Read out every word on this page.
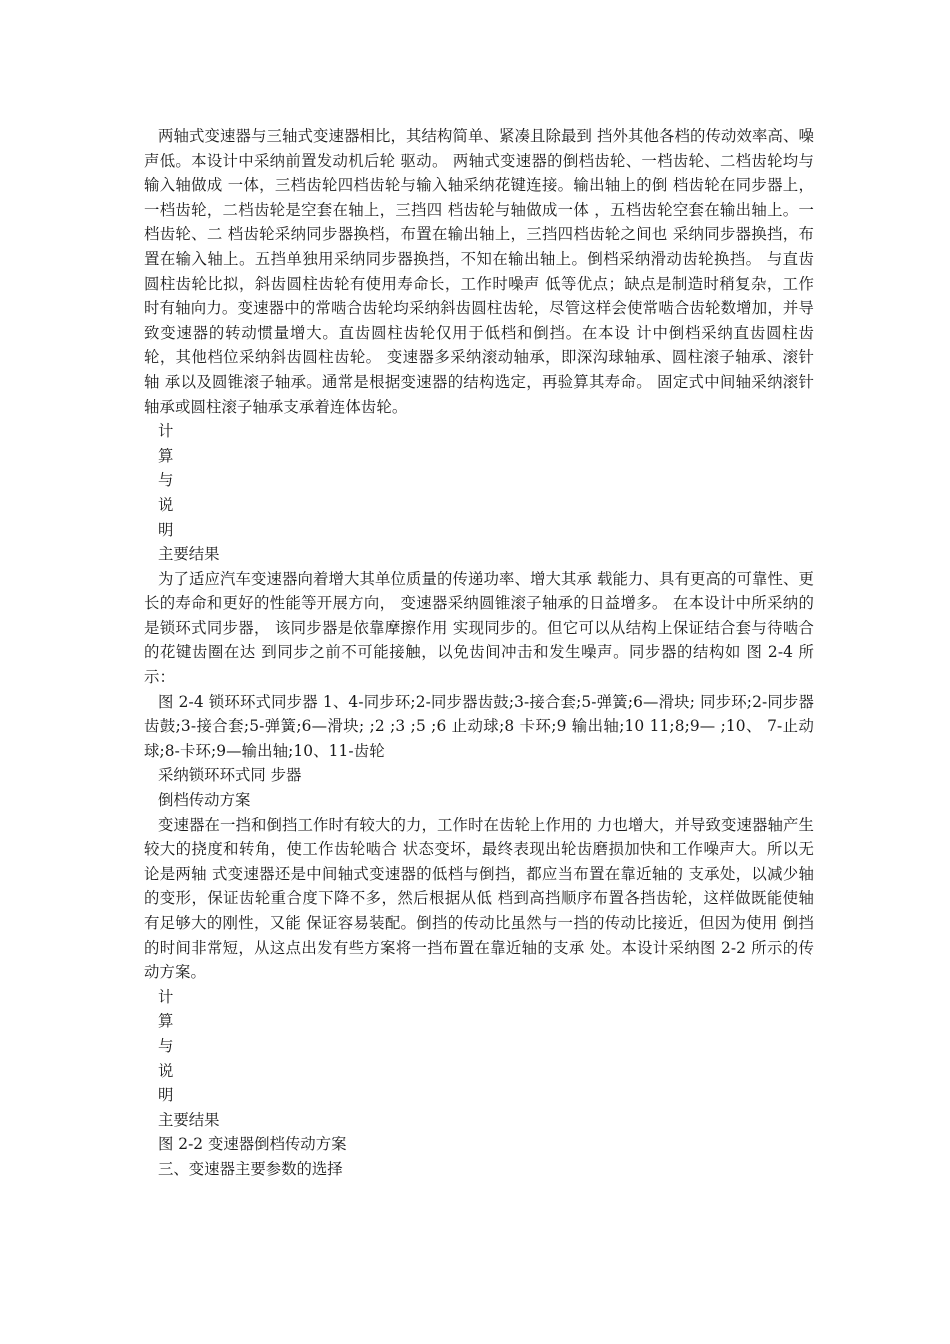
两轴式变速器与三轴式变速器相比，其结构简单、紧凑且除最到 挡外其他各档的传动效率高、噪声低。本设计中采纳前置发动机后轮 驱动。 两轴式变速器的倒档齿轮、一档齿轮、二档齿轮均与输入轴做成 一体，三档齿轮四档齿轮与输入轴采纳花键连接。输出轴上的倒 档齿轮在同步器上，一档齿轮，二档齿轮是空套在轴上，三挡四 档齿轮与轴做成一体 ，五档齿轮空套在输出轴上。一档齿轮、二 档齿轮采纳同步器换档，布置在输出轴上，三挡四档齿轮之间也 采纳同步器换挡，布置在输入轴上。五挡单独用采纳同步器换挡，不知在输出轴上。倒档采纳滑动齿轮换挡。 与直齿圆柱齿轮比拟，斜齿圆柱齿轮有使用寿命长，工作时噪声 低等优点；缺点是制造时稍复杂，工作时有轴向力。变速器中的常啮合齿轮均采纳斜齿圆柱齿轮，尽管这样会使常啮合齿轮数增加，并导 致变速器的转动惯量增大。直齿圆柱齿轮仅用于低档和倒挡。在本设 计中倒档采纳直齿圆柱齿轮，其他档位采纳斜齿圆柱齿轮。 变速器多采纳滚动轴承，即深沟球轴承、圆柱滚子轴承、滚针轴 承以及圆锥滚子轴承。通常是根据变速器的结构选定，再验算其寿命。 固定式中间轴采纳滚针轴承或圆柱滚子轴承支承着连体齿轮。

计

算

与

说

明

主要结果

为了适应汽车变速器向着增大其单位质量的传递功率、增大其承 载能力、具有更高的可靠性、更长的寿命和更好的性能等开展方向， 变速器采纳圆锥滚子轴承的日益增多。 在本设计中所采纳的是锁环式同步器， 该同步器是依靠摩擦作用 实现同步的。但它可以从结构上保证结合套与待啮合的花键齿圈在达 到同步之前不可能接触，以免齿间冲击和发生噪声。同步器的结构如 图 2-4 所示：

图 2-4 锁环环式同步器 1、4-同步环;2-同步器齿鼓;3-接合套;5-弹簧;6—滑块; 同步环;2-同步器齿鼓;3-接合套;5-弹簧;6—滑块; ;2 ;3 ;5 ;6 止动球;8 卡环;9 输出轴;10 11;8;9— ;10、 7-止动球;8-卡环;9—输出轴;10、11-齿轮

采纳锁环环式同 步器

倒档传动方案

变速器在一挡和倒挡工作时有较大的力，工作时在齿轮上作用的 力也增大，并导致变速器轴产生较大的挠度和转角，使工作齿轮啮合 状态变坏，最终表现出轮齿磨损加快和工作噪声大。所以无论是两轴 式变速器还是中间轴式变速器的低档与倒挡，都应当布置在靠近轴的 支承处，以减少轴的变形，保证齿轮重合度下降不多，然后根据从低 档到高挡顺序布置各挡齿轮，这样做既能使轴有足够大的刚性，又能 保证容易装配。倒挡的传动比虽然与一挡的传动比接近，但因为使用 倒挡的时间非常短，从这点出发有些方案将一挡布置在靠近轴的支承 处。本设计采纳图 2-2 所示的传动方案。

计

算

与

说

明

主要结果

图 2-2 变速器倒档传动方案

三、变速器主要参数的选择
